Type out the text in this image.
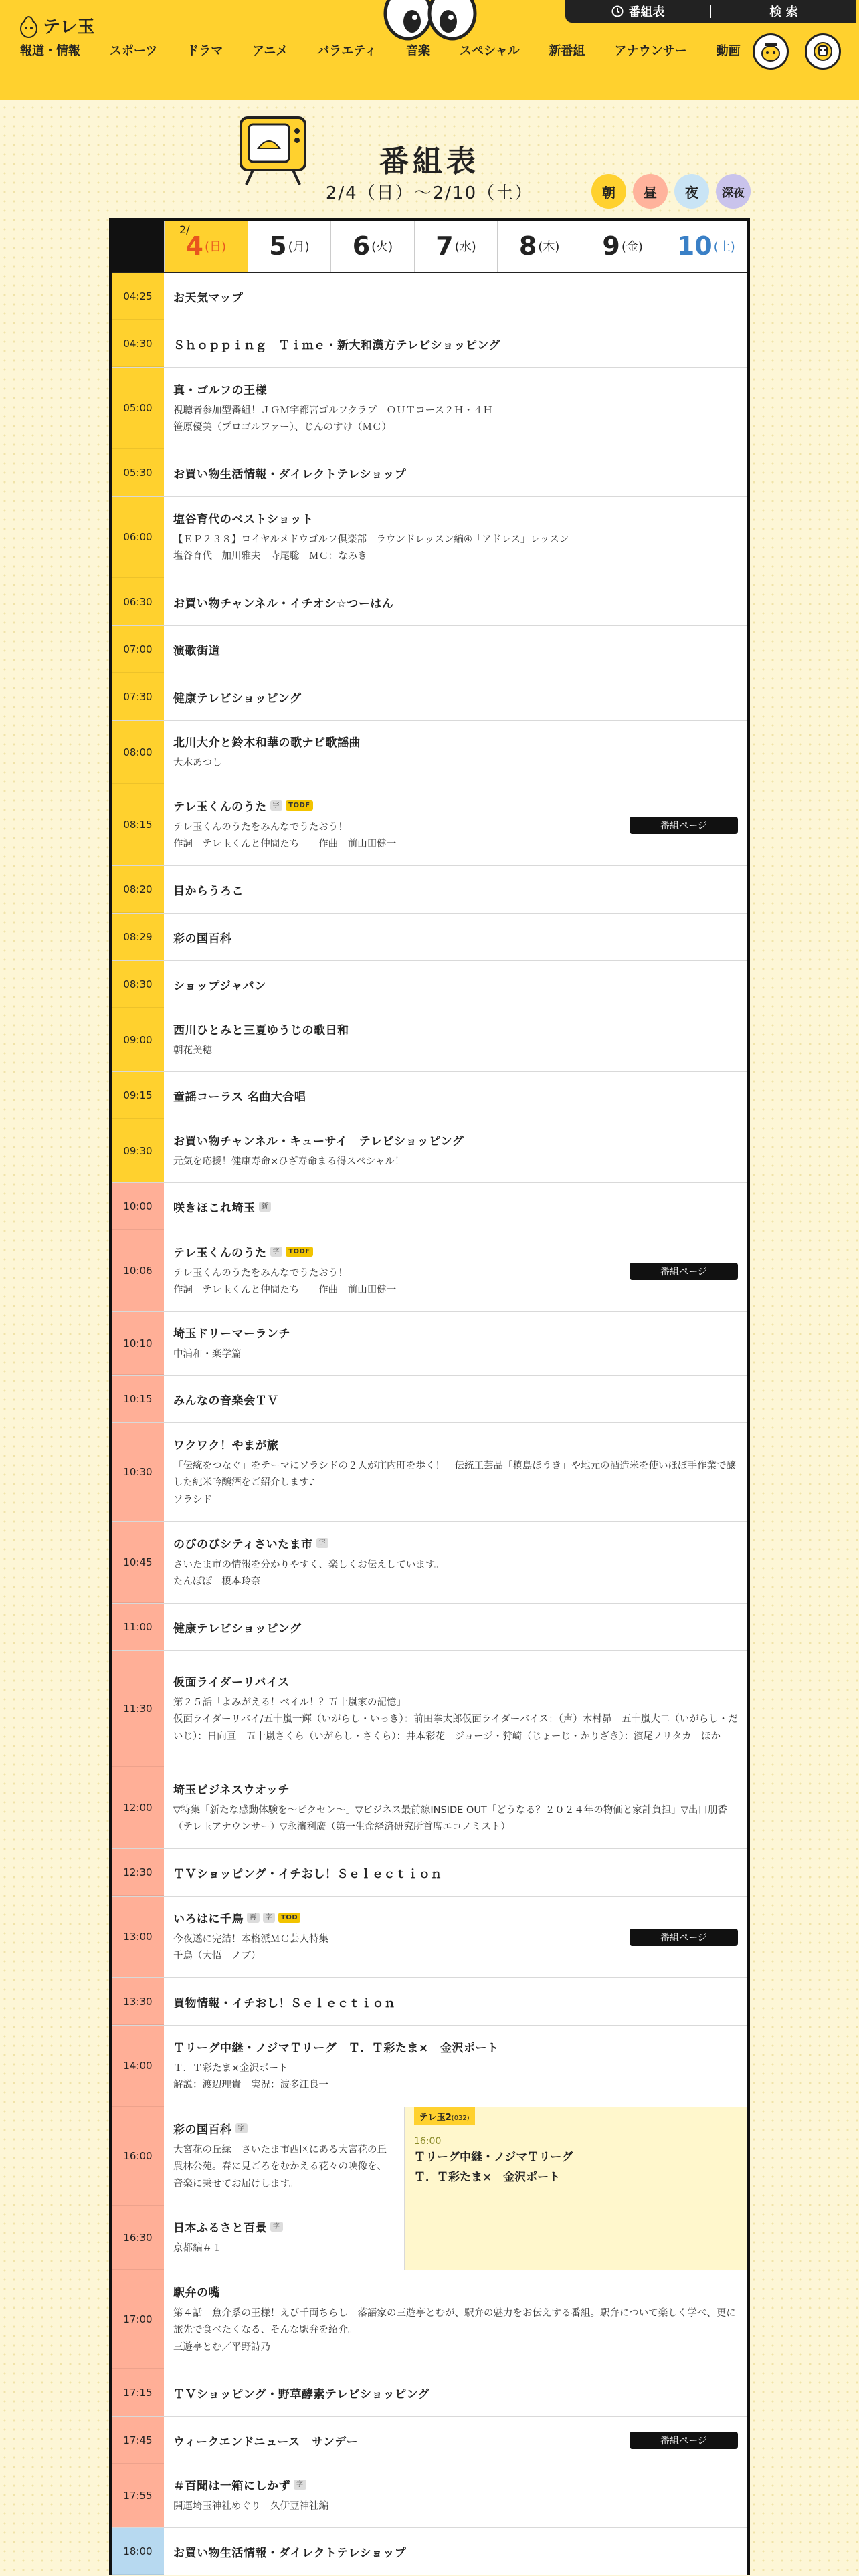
テレ玉
番組表	検 索
報道・情報 スポーツ ドラマ アニメ バラエティ 音楽 スペシャル 新番組 アナウンサー 動画
番組表
2/4（日）〜2/10（土）	朝 昼 夜 深夜
2/
4 (日) 5 (月) 6 (火) 7 (水) 8 (木) 9 (金) 10 (土)
04:25	お天気マップ
04:30	Ｓｈｏｐｐｉｎｇ　Ｔｉｍｅ・新大和漢方テレビショッピング
05:00
真・ゴルフの王様
視聴者参加型番組！ＪＧＭ宇都宮ゴルフクラブ　ＯＵＴコース２Ｈ・４Ｈ
笹原優美（プロゴルファー）、じんのすけ（ＭＣ）
05:30	お買い物生活情報・ダイレクトテレショップ
06:00
塩谷育代のベストショット
【ＥＰ２３８】ロイヤルメドウゴルフ倶楽部　ラウンドレッスン編④「アドレス」レッスン
塩谷育代　加川雅夫　寺尾聡　ＭＣ：なみき
06:30	お買い物チャンネル・イチオシ☆つーはん
07:00	演歌街道
07:30	健康テレビショッピング
08:00
北川大介と鈴木和華の歌ナビ歌謡曲
大木あつし
08:15
テレ玉くんのうた 字	TODF
テレ玉くんのうたをみんなでうたおう！
作詞　テレ玉くんと仲間たち　　作曲　前山田健一
番組ページ
08:20	目からうろこ
08:29	彩の国百科
08:30	ショップジャパン
09:00
西川ひとみと三夏ゆうじの歌日和
朝花美穂
09:15	童謡コーラス 名曲大合唱
09:30
お買い物チャンネル・キューサイ　テレビショッピング
元気を応援！健康寿命×ひざ寿命まる得スペシャル！
10:00	咲きほこれ埼玉 新
10:06
テレ玉くんのうた 字	TODF
テレ玉くんのうたをみんなでうたおう！
作詞　テレ玉くんと仲間たち　　作曲　前山田健一
番組ページ
10:10
埼玉ドリーマーランチ
中浦和・楽学篇
10:15	みんなの音楽会ＴＶ
10:30
ワクワク！やまが旅
「伝統をつなぐ」をテーマにソラシドの２人が庄内町を歩く！　伝統工芸品「槙島ほうき」や地元の酒造米を使いほぼ手作業で醸した純米吟醸酒をご紹介します♪
ソラシド
10:45
のびのびシティさいたま市 字
さいたま市の情報を分かりやすく、楽しくお伝えしています。
たんぽぽ　榎本玲奈
11:00	健康テレビショッピング
11:30
仮面ライダーリバイス
第２５話「よみがえる！ベイル！？五十嵐家の記憶」
仮面ライダーリバイ/五十嵐一輝（いがらし・いっき）：前田拳太郎仮面ライダーバイス：（声）木村昴　五十嵐大二（いがらし・だいじ）：日向亘　五十嵐さくら（いがらし・さくら）：井本彩花　ジョージ・狩崎（じょーじ・かりざき）：濱尾ノリタカ　ほか
12:00
埼玉ビジネスウオッチ
▽特集「新たな感動体験を〜ピクセン〜」▽ビジネス最前線INSIDE OUT「どうなる？２０２４年の物価と家計負担」▽出口朋香（テレ玉アナウンサー）▽永濱利廣（第一生命経済研究所首席エコノミスト）
12:30	ＴＶショッピング・イチおし！Ｓｅｌｅｃｔｉｏｎ
13:00
いろはに千鳥 再	字	TOD
今夜遂に完結！本格派ＭＣ芸人特集
千鳥（大悟　ノブ）
番組ページ
13:30	買物情報・イチおし！Ｓｅｌｅｃｔｉｏｎ
14:00
Ｔリーグ中継・ノジマＴリーグ　Ｔ．Ｔ彩たま×　金沢ポート
Ｔ．Ｔ彩たま×金沢ポート
解説：渡辺理貴　実況：波多江良一
16:00
彩の国百科 字
大宮花の丘緑　さいたま市西区にある大宮花の丘農林公苑。春に見ごろをむかえる花々の映像を、音楽に乗せてお届けします。
16:30
日本ふるさと百景 字
京都編＃１
テレ玉2(032)
16:00
Ｔリーグ中継・ノジマＴリーグ　Ｔ．Ｔ彩たま×　金沢ポート
17:00
駅弁の嘴
第４話　魚介系の王様！えび千両ちらし　落語家の三遊亭とむが、駅弁の魅力をお伝えする番組。駅弁について楽しく学べ、更に旅先で食べたくなる、そんな駅弁を紹介。
三遊亭とむ／平野詩乃
17:15	ＴＶショッピング・野草酵素テレビショッピング
17:45	ウィークエンドニュース　サンデー	番組ページ
17:55
＃百聞は一箱にしかず 字
開運埼玉神社めぐり　久伊豆神社編
18:00	お買い物生活情報・ダイレクトテレショップ
